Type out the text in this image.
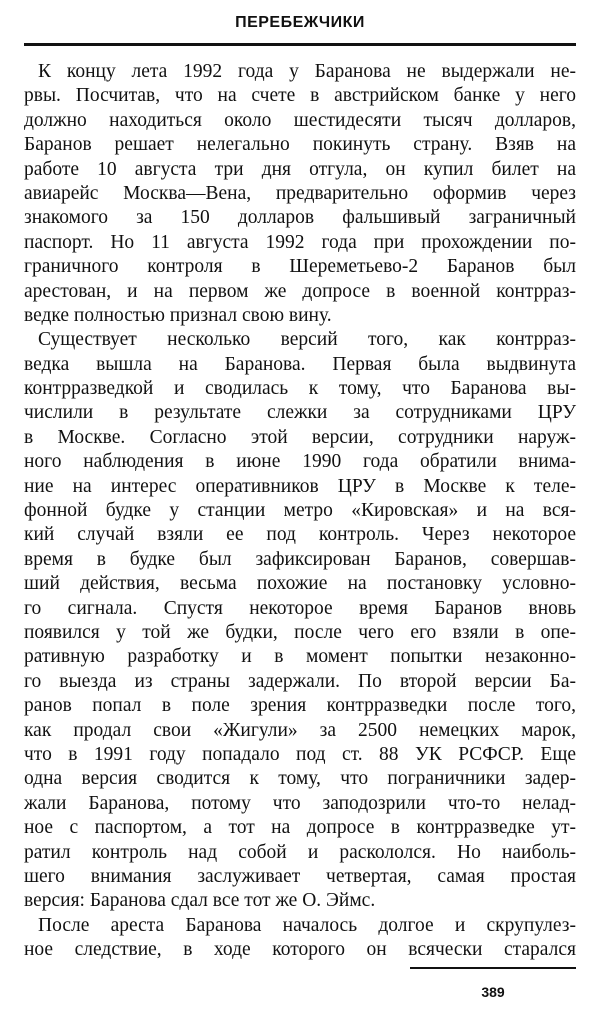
ПЕРЕБЕЖЧИКИ
К концу лета 1992 года у Баранова не выдержали не-
рвы. Посчитав, что на счете в австрийском банке у него
должно находиться около шестидесяти тысяч долларов,
Баранов решает нелегально покинуть страну. Взяв на
работе 10 августа три дня отгула, он купил билет на
авиарейс Москва—Вена, предварительно оформив через
знакомого за 150 долларов фальшивый заграничный
паспорт. Но 11 августа 1992 года при прохождении по-
граничного контроля в Шереметьево-2 Баранов был
арестован, и на первом же допросе в военной контрраз-
ведке полностью признал свою вину.
Существует несколько версий того, как контрраз-
ведка вышла на Баранова. Первая была выдвинута
контрразведкой и сводилась к тому, что Баранова вы-
числили в результате слежки за сотрудниками ЦРУ
в Москве. Согласно этой версии, сотрудники наруж-
ного наблюдения в июне 1990 года обратили внима-
ние на интерес оперативников ЦРУ в Москве к теле-
фонной будке у станции метро «Кировская» и на вся-
кий случай взяли ее под контроль. Через некоторое
время в будке был зафиксирован Баранов, совершав-
ший действия, весьма похожие на постановку условно-
го сигнала. Спустя некоторое время Баранов вновь
появился у той же будки, после чего его взяли в опе-
ративную разработку и в момент попытки незаконно-
го выезда из страны задержали. По второй версии Ба-
ранов попал в поле зрения контрразведки после того,
как продал свои «Жигули» за 2500 немецких марок,
что в 1991 году попадало под ст. 88 УК РСФСР. Еще
одна версия сводится к тому, что пограничники задер-
жали Баранова, потому что заподозрили что-то нелад-
ное с паспортом, а тот на допросе в контрразведке ут-
ратил контроль над собой и раскололся. Но наиболь-
шего внимания заслуживает четвертая, самая простая
версия: Баранова сдал все тот же О. Эймс.
После ареста Баранова началось долгое и скрупулез-
ное следствие, в ходе которого он всячески старался
389
